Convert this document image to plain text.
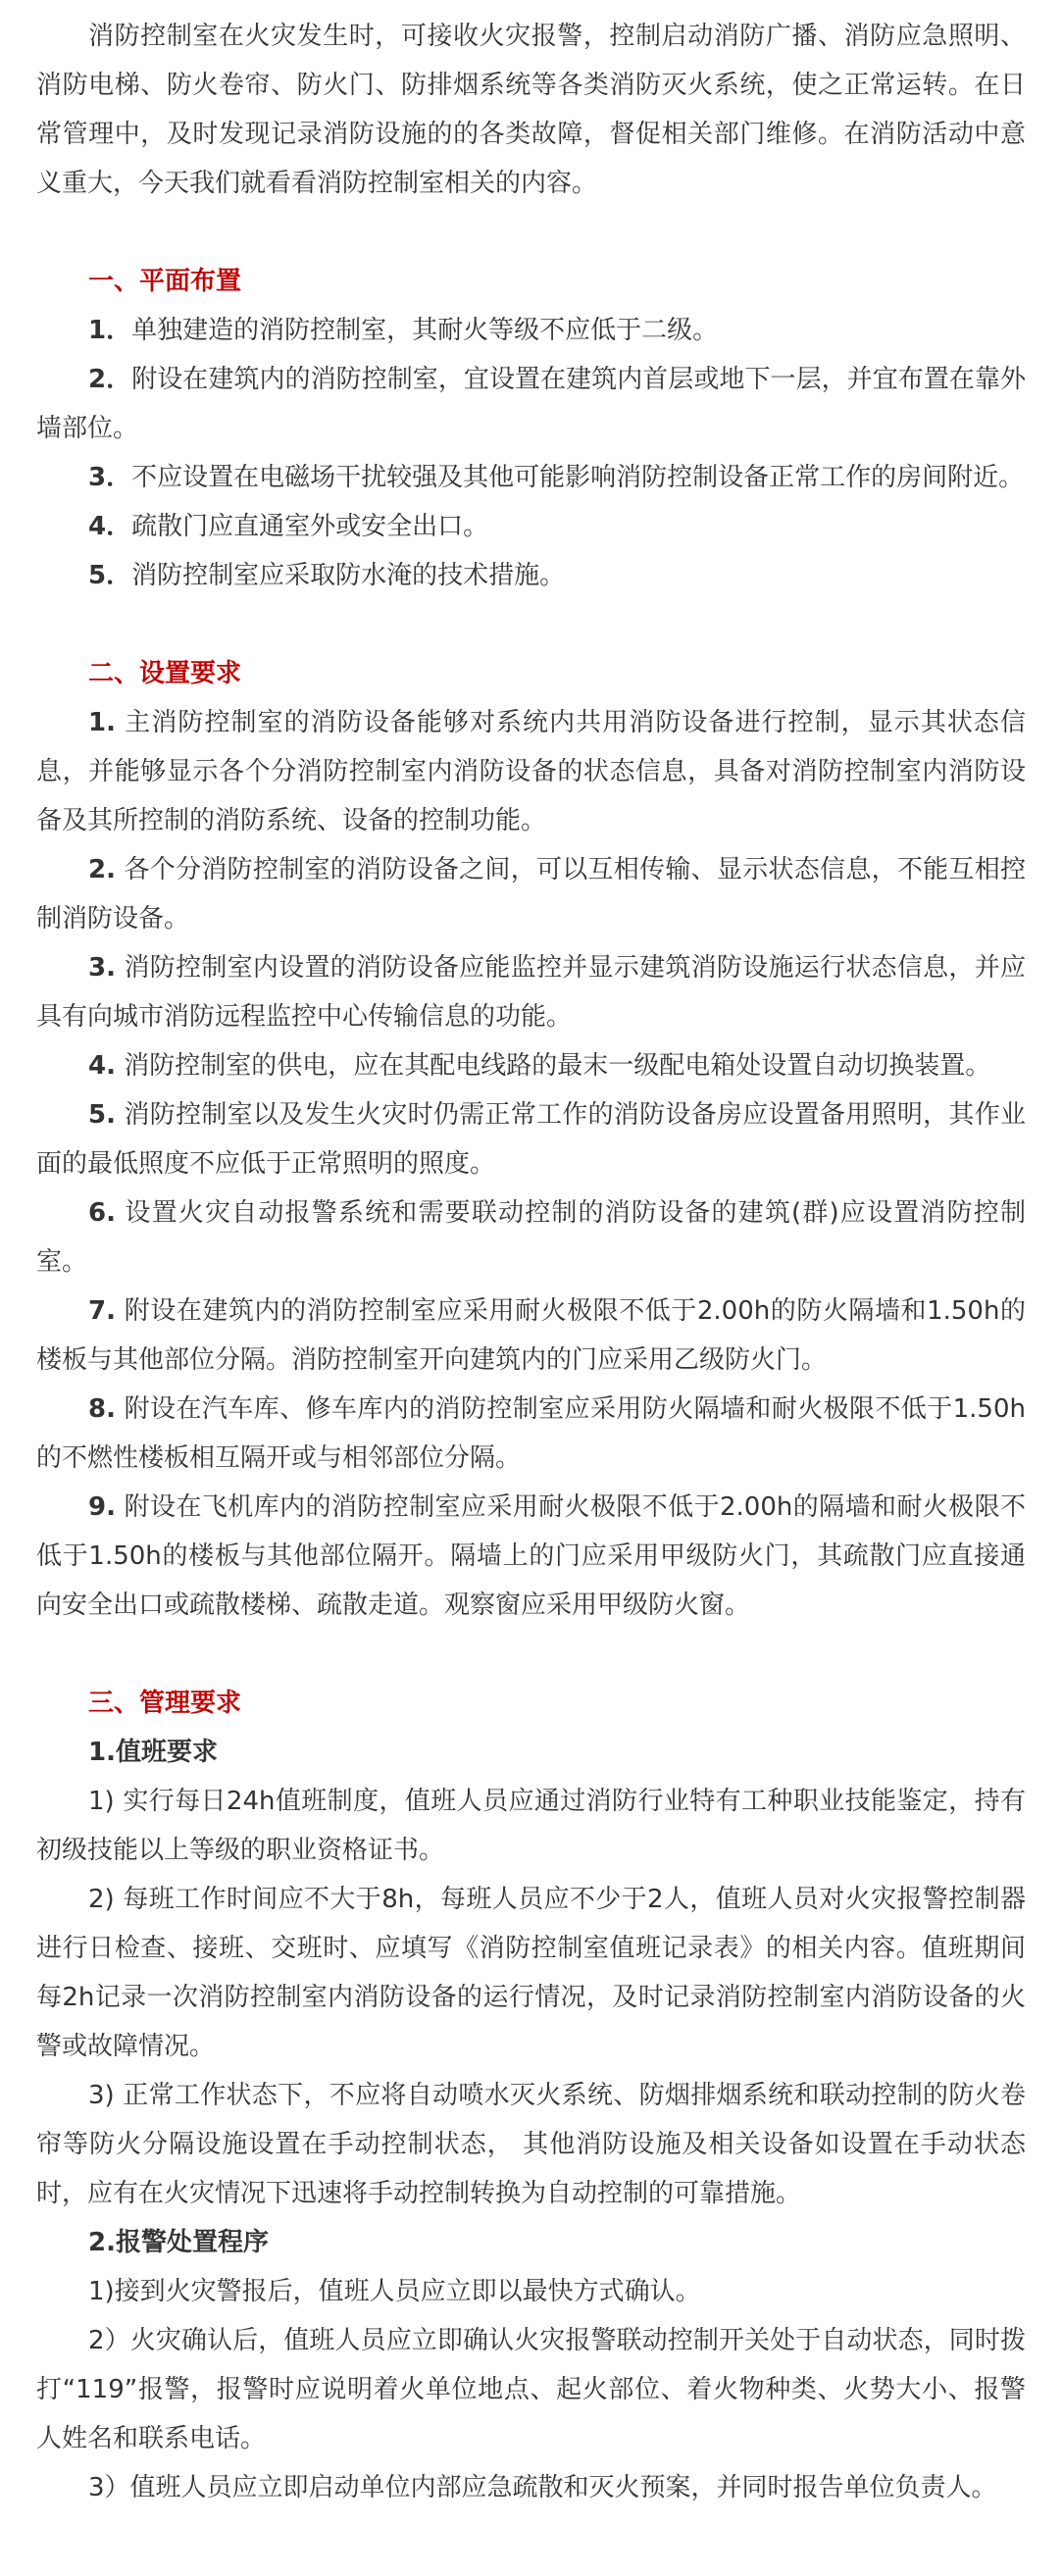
消防控制室在火灾发生时，可接收火灾报警，控制启动消防广播、消防应急照明、消防电梯、防火卷帘、防火门、防排烟系统等各类消防灭火系统，使之正常运转。在日常管理中，及时发现记录消防设施的的各类故障，督促相关部门维修。在消防活动中意义重大，今天我们就看看消防控制室相关的内容。

一、平面布置

1．单独建造的消防控制室，其耐火等级不应低于二级。

2．附设在建筑内的消防控制室，宜设置在建筑内首层或地下一层，并宜布置在靠外墙部位。

3．不应设置在电磁场干扰较强及其他可能影响消防控制设备正常工作的房间附近。

4．疏散门应直通室外或安全出口。

5．消防控制室应采取防水淹的技术措施。

二、设置要求

1. 主消防控制室的消防设备能够对系统内共用消防设备进行控制，显示其状态信息，并能够显示各个分消防控制室内消防设备的状态信息，具备对消防控制室内消防设备及其所控制的消防系统、设备的控制功能。

2. 各个分消防控制室的消防设备之间，可以互相传输、显示状态信息，不能互相控制消防设备。

3. 消防控制室内设置的消防设备应能监控并显示建筑消防设施运行状态信息，并应具有向城市消防远程监控中心传输信息的功能。

4. 消防控制室的供电，应在其配电线路的最末一级配电箱处设置自动切换装置。

5. 消防控制室以及发生火灾时仍需正常工作的消防设备房应设置备用照明，其作业面的最低照度不应低于正常照明的照度。

6. 设置火灾自动报警系统和需要联动控制的消防设备的建筑(群)应设置消防控制室。

7. 附设在建筑内的消防控制室应采用耐火极限不低于2.00h的防火隔墙和1.50h的楼板与其他部位分隔。消防控制室开向建筑内的门应采用乙级防火门。

8. 附设在汽车库、修车库内的消防控制室应采用防火隔墙和耐火极限不低于1.50h的不燃性楼板相互隔开或与相邻部位分隔。

9. 附设在飞机库内的消防控制室应采用耐火极限不低于2.00h的隔墙和耐火极限不低于1.50h的楼板与其他部位隔开。隔墙上的门应采用甲级防火门，其疏散门应直接通向安全出口或疏散楼梯、疏散走道。观察窗应采用甲级防火窗。

三、管理要求
1.值班要求

1) 实行每日24h值班制度，值班人员应通过消防行业特有工种职业技能鉴定，持有初级技能以上等级的职业资格证书。

2) 每班工作时间应不大于8h，每班人员应不少于2人，值班人员对火灾报警控制器进行日检查、接班、交班时、应填写《消防控制室值班记录表》的相关内容。值班期间每2h记录一次消防控制室内消防设备的运行情况，及时记录消防控制室内消防设备的火警或故障情况。

3) 正常工作状态下，不应将自动喷水灭火系统、防烟排烟系统和联动控制的防火卷帘等防火分隔设施设置在手动控制状态， 其他消防设施及相关设备如设置在手动状态时，应有在火灾情况下迅速将手动控制转换为自动控制的可靠措施。

2.报警处置程序

1)接到火灾警报后，值班人员应立即以最快方式确认。

2）火灾确认后，值班人员应立即确认火灾报警联动控制开关处于自动状态，同时拨打“119”报警，报警时应说明着火单位地点、起火部位、着火物种类、火势大小、报警人姓名和联系电话。

3）值班人员应立即启动单位内部应急疏散和灭火预案，并同时报告单位负责人。
